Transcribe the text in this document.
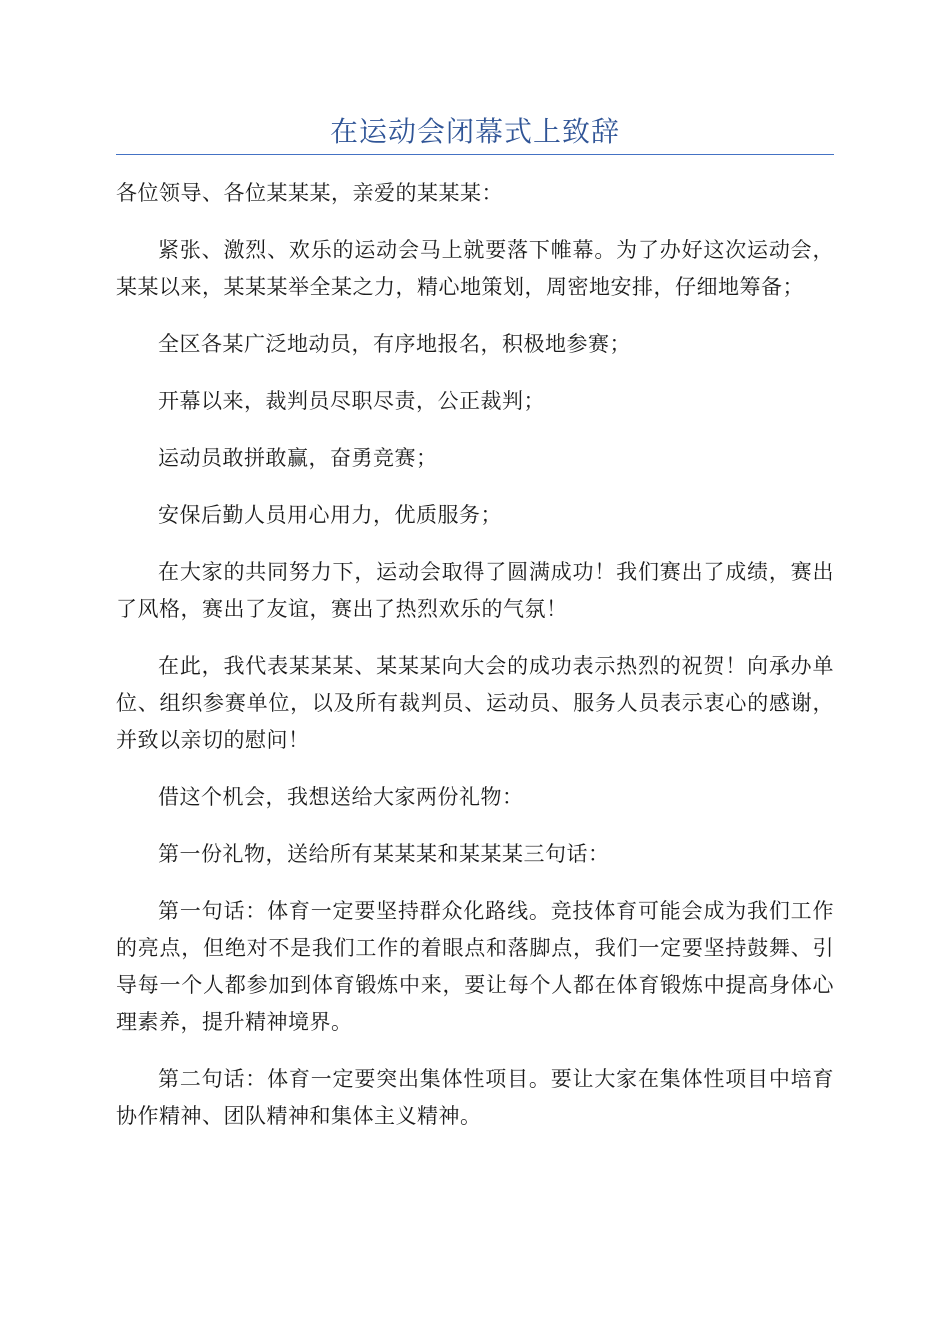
在运动会闭幕式上致辞

各位领导、各位某某某，亲爱的某某某：

紧张、激烈、欢乐的运动会马上就要落下帷幕。为了办好这次运动会，某某以来，某某某举全某之力，精心地策划，周密地安排，仔细地筹备；

全区各某广泛地动员，有序地报名，积极地参赛；

开幕以来，裁判员尽职尽责，公正裁判；

运动员敢拼敢赢，奋勇竞赛；

安保后勤人员用心用力，优质服务；

在大家的共同努力下，运动会取得了圆满成功！我们赛出了成绩，赛出了风格，赛出了友谊，赛出了热烈欢乐的气氛！

在此，我代表某某某、某某某向大会的成功表示热烈的祝贺！向承办单位、组织参赛单位，以及所有裁判员、运动员、服务人员表示衷心的感谢，并致以亲切的慰问！

借这个机会，我想送给大家两份礼物：

第一份礼物，送给所有某某某和某某某三句话：

第一句话：体育一定要坚持群众化路线。竞技体育可能会成为我们工作的亮点，但绝对不是我们工作的着眼点和落脚点，我们一定要坚持鼓舞、引导每一个人都参加到体育锻炼中来，要让每个人都在体育锻炼中提高身体心理素养，提升精神境界。

第二句话：体育一定要突出集体性项目。要让大家在集体性项目中培育协作精神、团队精神和集体主义精神。
